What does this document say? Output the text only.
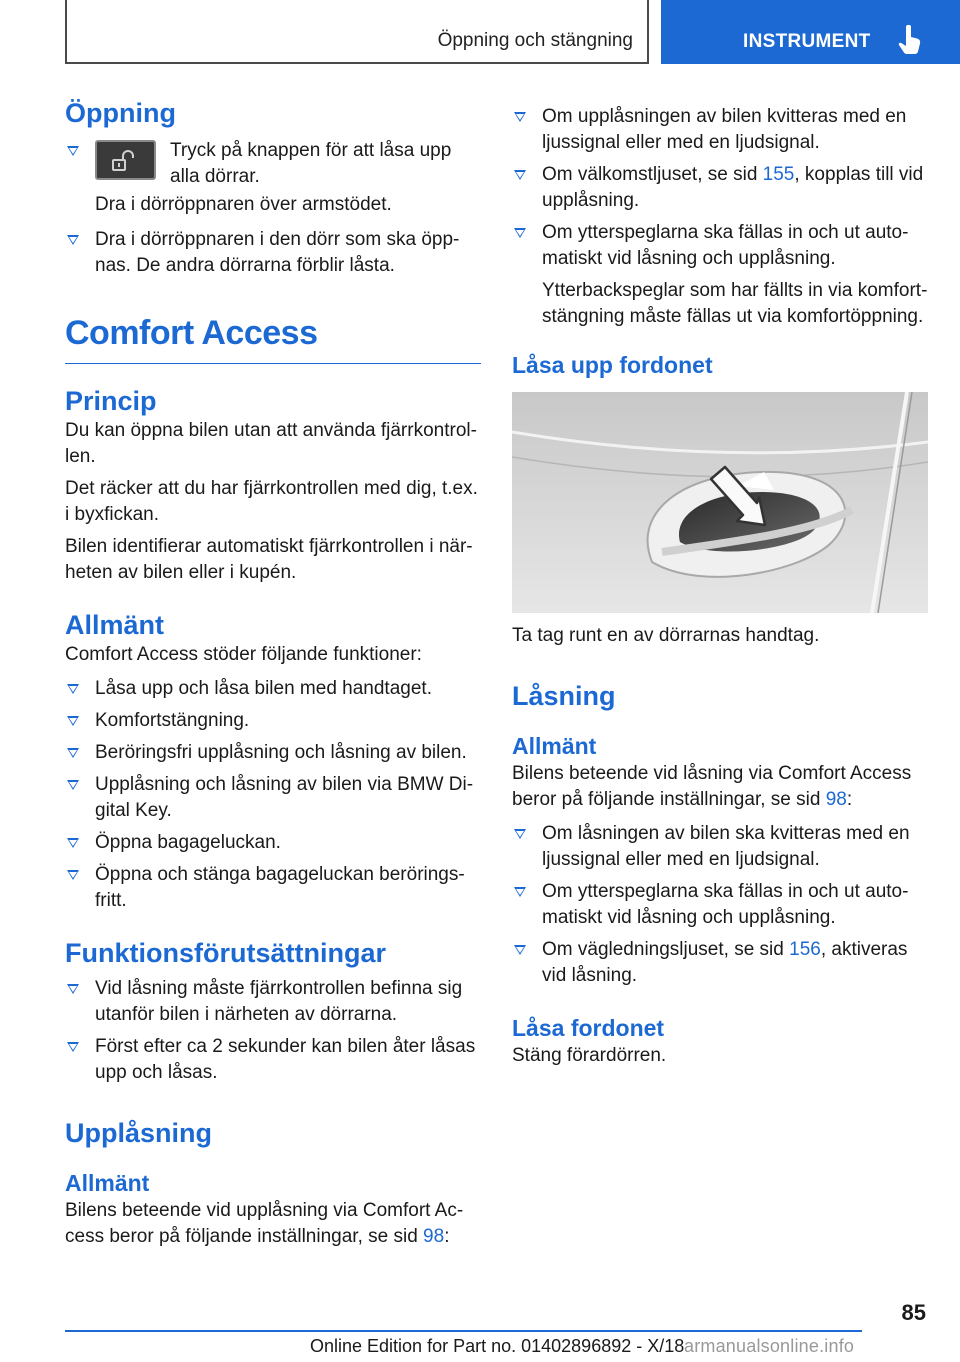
Öppning och stängning	INSTRUMENT
Öppning
Tryck på knappen för att låsa upp alla dörrar.
Dra i dörröppnaren över armstödet.
Dra i dörröppnaren i den dörr som ska öppnas. De andra dörrarna förblir låsta.
Comfort Access
Princip
Du kan öppna bilen utan att använda fjärrkontrollen.
Det räcker att du har fjärrkontrollen med dig, t.ex. i byxfickan.
Bilen identifierar automatiskt fjärrkontrollen i närheten av bilen eller i kupén.
Allmänt
Comfort Access stöder följande funktioner:
Låsa upp och låsa bilen med handtaget.
Komfortstängning.
Beröringsfri upplåsning och låsning av bilen.
Upplåsning och låsning av bilen via BMW Digital Key.
Öppna bagageluckan.
Öppna och stänga bagageluckan beröringsfritt.
Funktionsförutsättningar
Vid låsning måste fjärrkontrollen befinna sig utanför bilen i närheten av dörrarna.
Först efter ca 2 sekunder kan bilen åter låsas upp och låsas.
Upplåsning
Allmänt
Bilens beteende vid upplåsning via Comfort Access beror på följande inställningar, se sid 98:
Om upplåsningen av bilen kvitteras med en ljussignal eller med en ljudsignal.
Om välkomstljuset, se sid 155, kopplas till vid upplåsning.
Om ytterspeglarna ska fällas in och ut automatiskt vid låsning och upplåsning.
Ytterbackspeglar som har fällts in via komfortstängning måste fällas ut via komfortöppning.
Låsa upp fordonet
Ta tag runt en av dörrarnas handtag.
Låsning
Allmänt
Bilens beteende vid låsning via Comfort Access beror på följande inställningar, se sid 98:
Om låsningen av bilen ska kvitteras med en ljussignal eller med en ljudsignal.
Om ytterspeglarna ska fällas in och ut automatiskt vid låsning och upplåsning.
Om vägledningsljuset, se sid 156, aktiveras vid låsning.
Låsa fordonet
Stäng förardörren.
85
Online Edition for Part no. 01402896892 - X/18 armanualsonline.info
